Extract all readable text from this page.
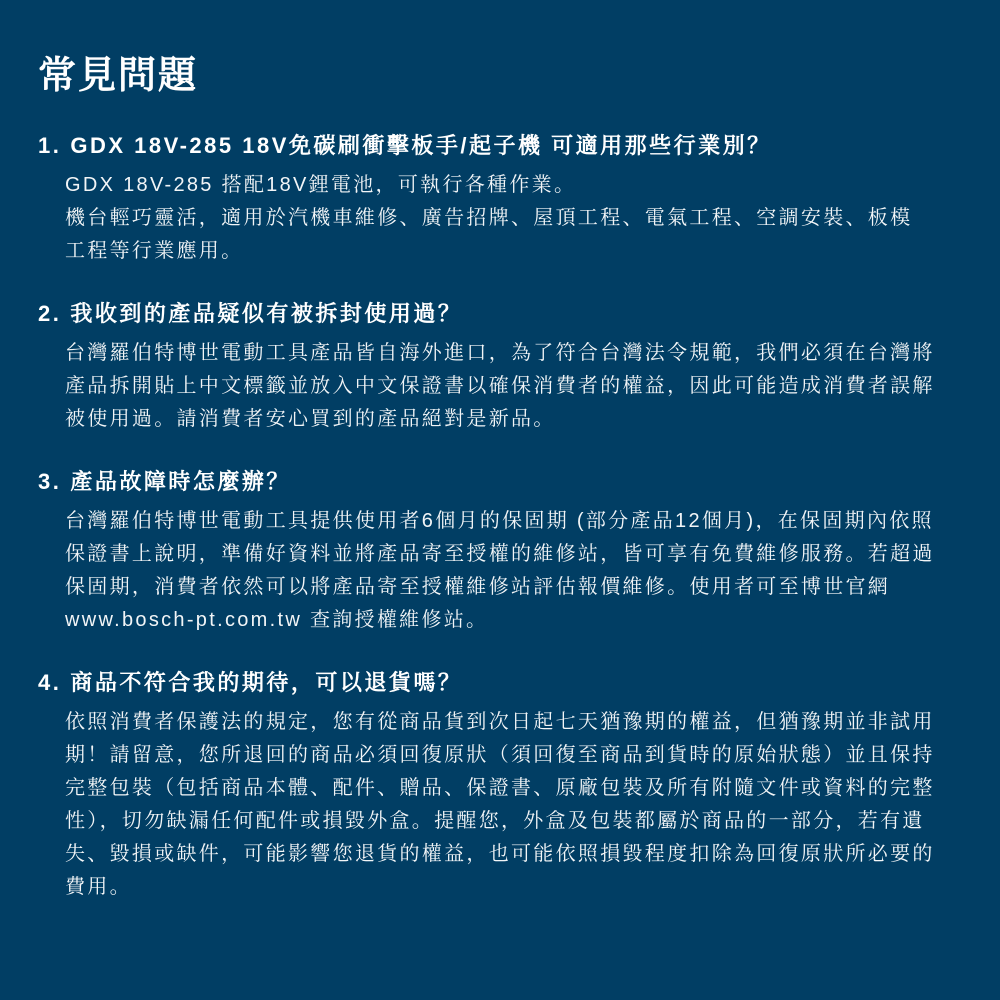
常見問題
1. GDX 18V-285 18V免碳刷衝擊板手/起子機 可適用那些行業別？
GDX 18V-285 搭配18V鋰電池，可執行各種作業。
機台輕巧靈活，適用於汽機車維修、廣告招牌、屋頂工程、電氣工程、空調安裝、板模
工程等行業應用。
2. 我收到的產品疑似有被拆封使用過？
台灣羅伯特博世電動工具產品皆自海外進口，為了符合台灣法令規範，我們必須在台灣將
產品拆開貼上中文標籤並放入中文保證書以確保消費者的權益，因此可能造成消費者誤解
被使用過。請消費者安心買到的產品絕對是新品。
3. 產品故障時怎麼辦？
台灣羅伯特博世電動工具提供使用者6個月的保固期 (部分產品12個月)，在保固期內依照
保證書上說明，準備好資料並將產品寄至授權的維修站，皆可享有免費維修服務。若超過
保固期，消費者依然可以將產品寄至授權維修站評估報價維修。使用者可至博世官網
www.bosch-pt.com.tw 查詢授權維修站。
4. 商品不符合我的期待，可以退貨嗎？
依照消費者保護法的規定，您有從商品貨到次日起七天猶豫期的權益，但猶豫期並非試用
期！請留意，您所退回的商品必須回復原狀（須回復至商品到貨時的原始狀態）並且保持
完整包裝（包括商品本體、配件、贈品、保證書、原廠包裝及所有附隨文件或資料的完整
性），切勿缺漏任何配件或損毀外盒。提醒您，外盒及包裝都屬於商品的一部分，若有遺
失、毀損或缺件，可能影響您退貨的權益，也可能依照損毀程度扣除為回復原狀所必要的
費用。
